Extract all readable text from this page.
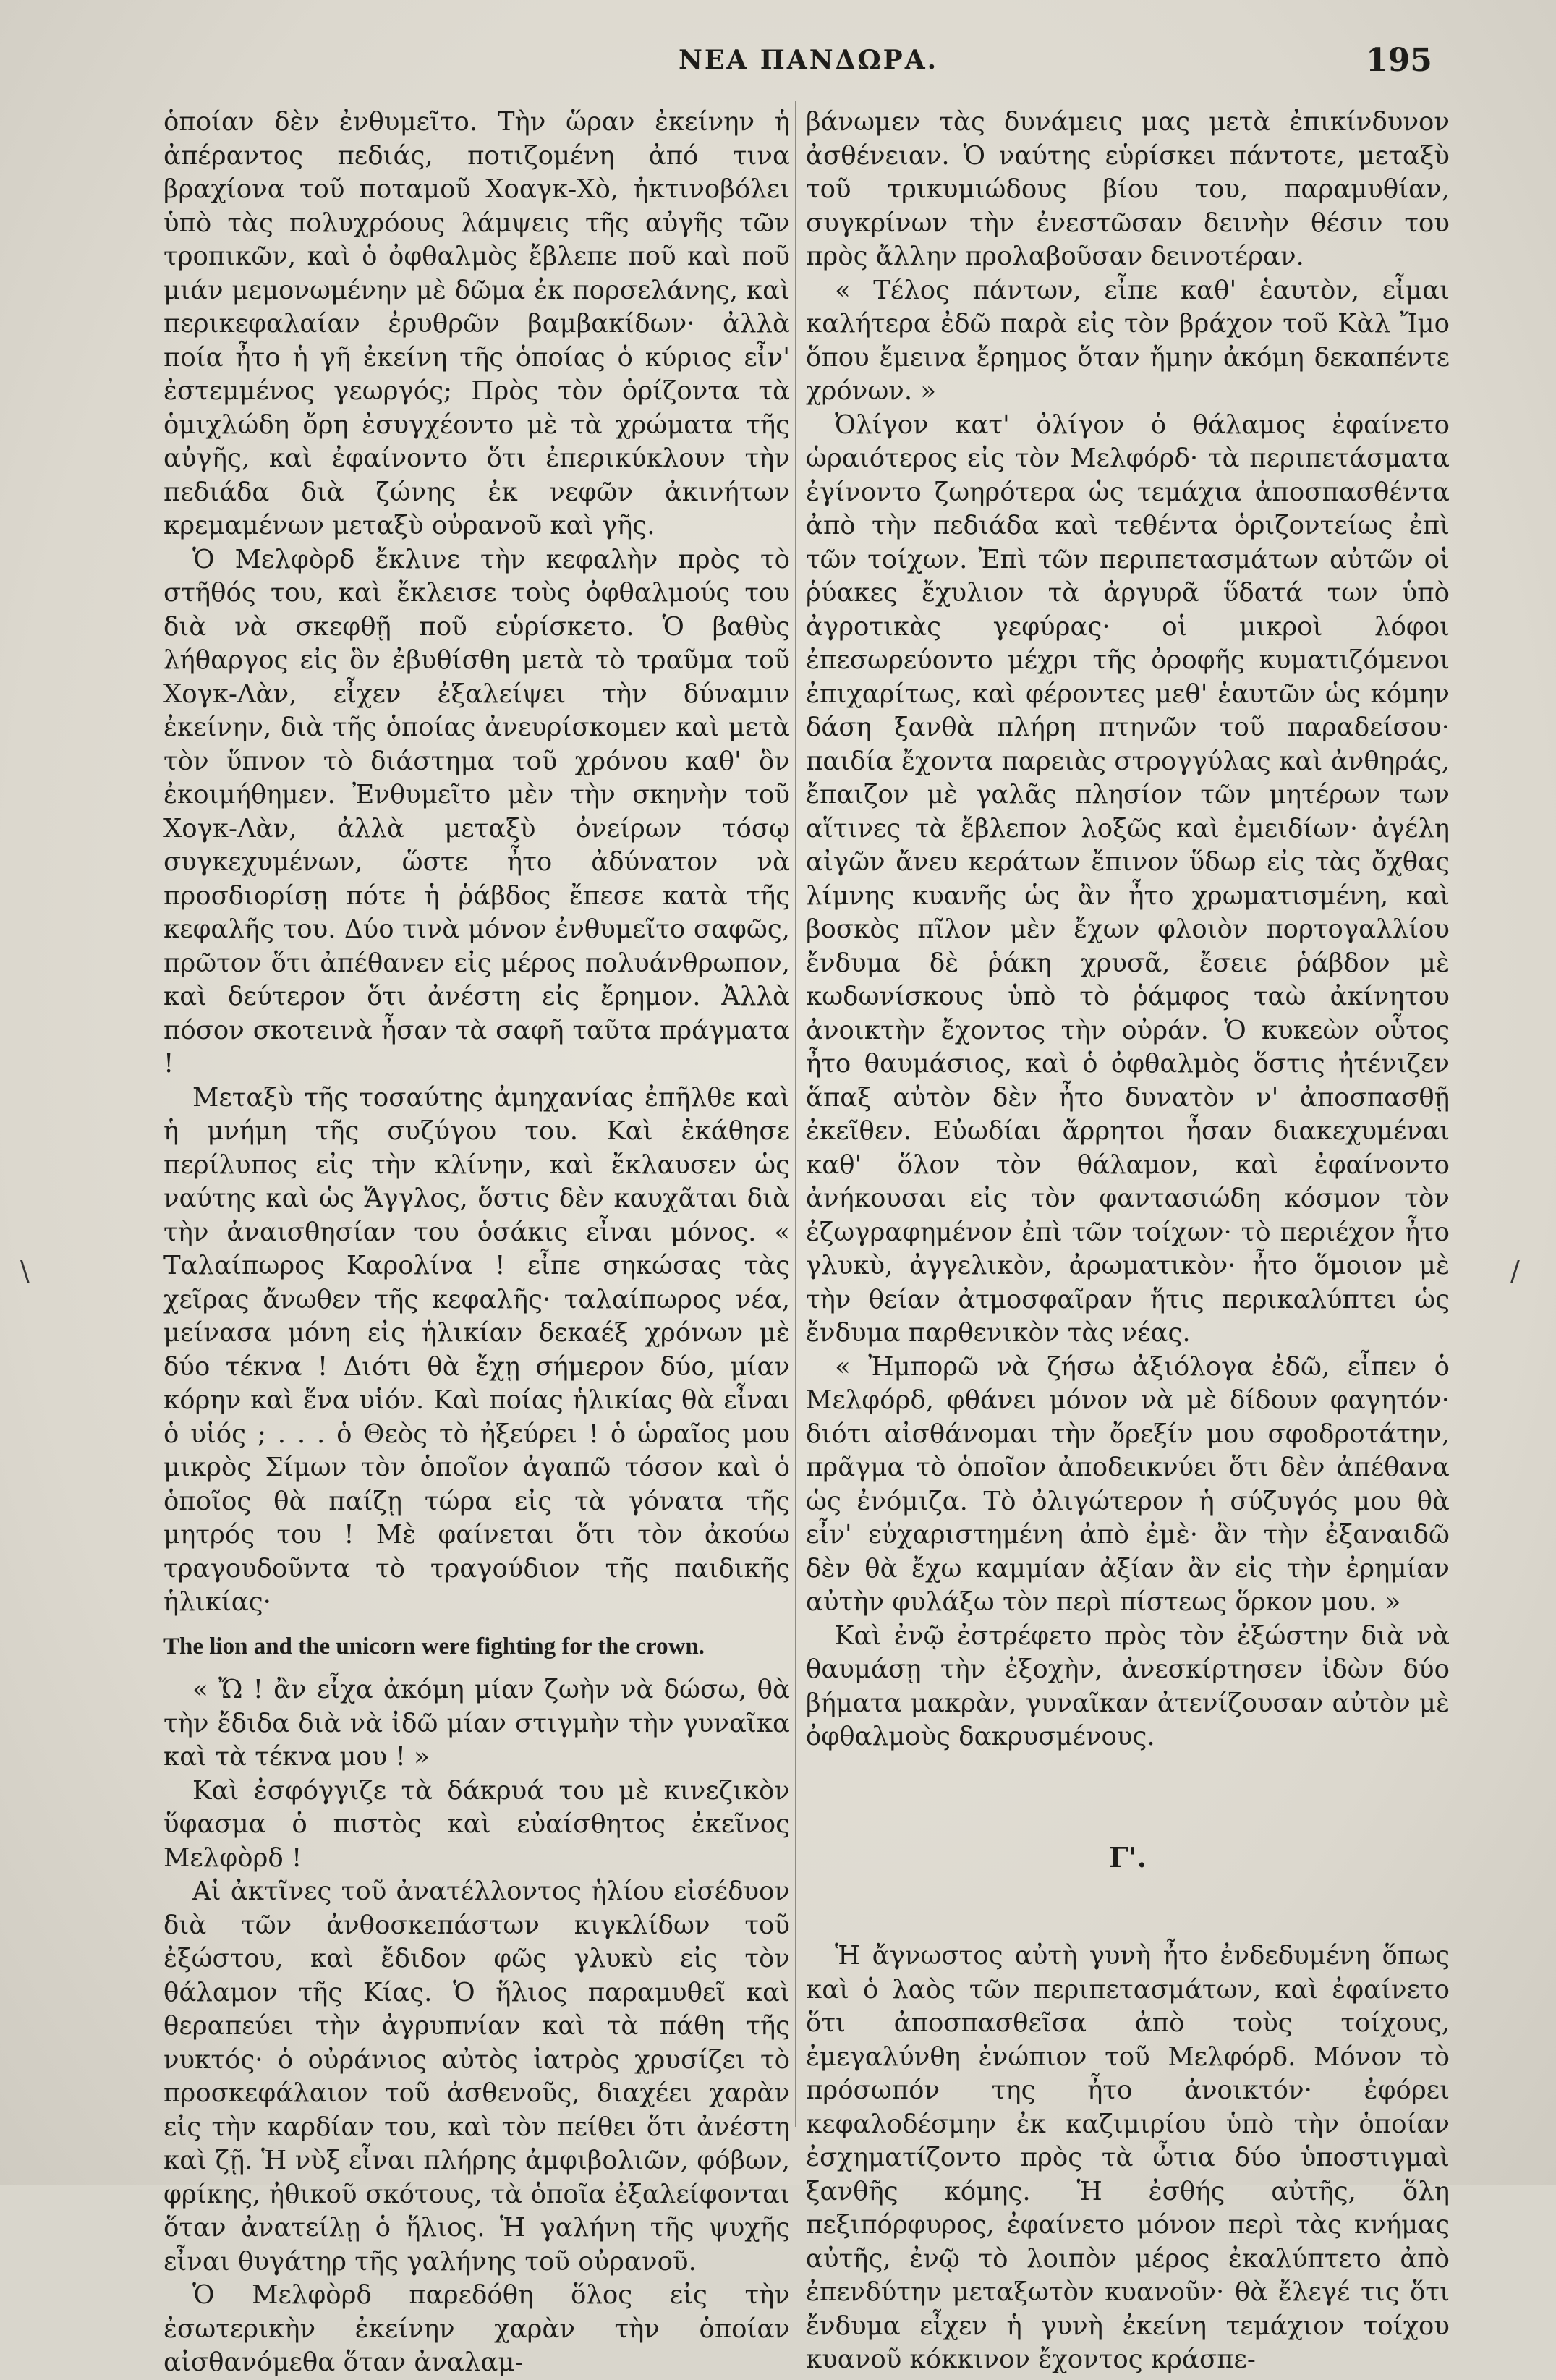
ΝΕΑ ΠΑΝΔΩΡΑ.	195

ὁποίαν δὲν ἐνθυμεῖτο. Τὴν ὥραν ἐκείνην ἡ ἀπέραντος πεδιάς, ποτιζομένη ἀπό τινα βραχίονα τοῦ ποταμοῦ Χοαγκ-Χὸ, ἠκτινοβόλει ὑπὸ τὰς πολυχρόους λάμψεις τῆς αὐγῆς τῶν τροπικῶν, καὶ ὁ ὀφθαλμὸς ἔβλεπε ποῦ καὶ ποῦ μιάν μεμονωμένην μὲ δῶμα ἐκ πορσελάνης, καὶ περικεφαλαίαν ἐρυθρῶν βαμβακίδων· ἀλλὰ ποία ἦτο ἡ γῆ ἐκείνη τῆς ὁποίας ὁ κύριος εἶν' ἐστεμμένος γεωργός; Πρὸς τὸν ὁρίζοντα τὰ ὁμιχλώδη ὄρη ἐσυγχέοντο μὲ τὰ χρώματα τῆς αὐγῆς, καὶ ἐφαίνοντο ὅτι ἐπερικύκλουν τὴν πεδιάδα διὰ ζώνης ἐκ νεφῶν ἀκινήτων κρεμαμένων μεταξὺ οὐρανοῦ καὶ γῆς.

Ὁ Μελφὸρδ ἔκλινε τὴν κεφαλὴν πρὸς τὸ στῆθός του, καὶ ἔκλεισε τοὺς ὀφθαλμούς του διὰ νὰ σκεφθῇ ποῦ εὑρίσκετο. Ὁ βαθὺς λήθαργος εἰς ὃν ἐβυθίσθη μετὰ τὸ τραῦμα τοῦ Χογκ-Λὰν, εἶχεν ἐξαλείψει τὴν δύναμιν ἐκείνην, διὰ τῆς ὁποίας ἀνευρίσκομεν καὶ μετὰ τὸν ὕπνον τὸ διάστημα τοῦ χρόνου καθ' ὃν ἐκοιμήθημεν. Ἐνθυμεῖτο μὲν τὴν σκηνὴν τοῦ Χογκ-Λὰν, ἀλλὰ μεταξὺ ὀνείρων τόσῳ συγκεχυμένων, ὥστε ἦτο ἀδύνατον νὰ προσδιορίσῃ πότε ἡ ῥάβδος ἔπεσε κατὰ τῆς κεφαλῆς του. Δύο τινὰ μόνον ἐνθυμεῖτο σαφῶς, πρῶτον ὅτι ἀπέθανεν εἰς μέρος πολυάνθρωπον, καὶ δεύτερον ὅτι ἀνέστη εἰς ἔρημον. Ἀλλὰ πόσον σκοτεινὰ ἦσαν τὰ σαφῆ ταῦτα πράγματα !

Μεταξὺ τῆς τοσαύτης ἀμηχανίας ἐπῆλθε καὶ ἡ μνήμη τῆς συζύγου του. Καὶ ἐκάθησε περίλυπος εἰς τὴν κλίνην, καὶ ἔκλαυσεν ὡς ναύτης καὶ ὡς Ἄγγλος, ὅστις δὲν καυχᾶται διὰ τὴν ἀναισθησίαν του ὁσάκις εἶναι μόνος. « Ταλαίπωρος Καρολίνα ! εἶπε σηκώσας τὰς χεῖρας ἄνωθεν τῆς κεφαλῆς· ταλαίπωρος νέα, μείνασα μόνη εἰς ἡλικίαν δεκαέξ χρόνων μὲ δύο τέκνα ! Διότι θὰ ἔχῃ σήμερον δύο, μίαν κόρην καὶ ἕνα υἱόν. Καὶ ποίας ἡλικίας θὰ εἶναι ὁ υἱός ; . . . ὁ Θεὸς τὸ ἠξεύρει ! ὁ ὡραῖος μου μικρὸς Σίμων τὸν ὁποῖον ἀγαπῶ τόσον καὶ ὁ ὁποῖος θὰ παίζῃ τώρα εἰς τὰ γόνατα τῆς μητρός του ! Μὲ φαίνεται ὅτι τὸν ἀκούω τραγουδοῦντα τὸ τραγούδιον τῆς παιδικῆς ἡλικίας·

The lion and the unicorn were fighting for the crown.

« Ὤ ! ἂν εἶχα ἀκόμη μίαν ζωὴν νὰ δώσω, θὰ τὴν ἔδιδα διὰ νὰ ἰδῶ μίαν στιγμὴν τὴν γυναῖκα καὶ τὰ τέκνα μου ! »

Καὶ ἐσφόγγιζε τὰ δάκρυά του μὲ κινεζικὸν ὕφασμα ὁ πιστὸς καὶ εὐαίσθητος ἐκεῖνος Μελφὸρδ !

Αἱ ἀκτῖνες τοῦ ἀνατέλλοντος ἡλίου εἰσέδυον διὰ τῶν ἀνθοσκεπάστων κιγκλίδων τοῦ ἐξώστου, καὶ ἔδιδον φῶς γλυκὺ εἰς τὸν θάλαμον τῆς Κίας. Ὁ ἥλιος παραμυθεῖ καὶ θεραπεύει τὴν ἀγρυπνίαν καὶ τὰ πάθη τῆς νυκτός· ὁ οὐράνιος αὐτὸς ἰατρὸς χρυσίζει τὸ προσκεφάλαιον τοῦ ἀσθενοῦς, διαχέει χαρὰν εἰς τὴν καρδίαν του, καὶ τὸν πείθει ὅτι ἀνέστη καὶ ζῇ. Ἡ νὺξ εἶναι πλήρης ἀμφιβολιῶν, φόβων, φρίκης, ἠθικοῦ σκότους, τὰ ὁποῖα ἐξαλείφονται ὅταν ἀνατείλῃ ὁ ἥλιος. Ἡ γαλήνη τῆς ψυχῆς εἶναι θυγάτηρ τῆς γαλήνης τοῦ οὐρανοῦ.

Ὁ Μελφὸρδ παρεδόθη ὅλος εἰς τὴν ἐσωτερικὴν ἐκείνην χαρὰν τὴν ὁποίαν αἰσθανόμεθα ὅταν ἀναλαμ-

βάνωμεν τὰς δυνάμεις μας μετὰ ἐπικίνδυνον ἀσθένειαν. Ὁ ναύτης εὑρίσκει πάντοτε, μεταξὺ τοῦ τρικυμιώδους βίου του, παραμυθίαν, συγκρίνων τὴν ἐνεστῶσαν δεινὴν θέσιν του πρὸς ἄλλην προλαβοῦσαν δεινοτέραν.

« Τέλος πάντων, εἶπε καθ' ἑαυτὸν, εἶμαι καλήτερα ἐδῶ παρὰ εἰς τὸν βράχον τοῦ Κὰλ Ἴμο ὅπου ἔμεινα ἔρημος ὅταν ἤμην ἀκόμη δεκαπέντε χρόνων. »

Ὀλίγον κατ' ὀλίγον ὁ θάλαμος ἐφαίνετο ὡραιότερος εἰς τὸν Μελφόρδ· τὰ περιπετάσματα ἐγίνοντο ζωηρότερα ὡς τεμάχια ἀποσπασθέντα ἀπὸ τὴν πεδιάδα καὶ τεθέντα ὁριζοντείως ἐπὶ τῶν τοίχων. Ἐπὶ τῶν περιπετασμάτων αὐτῶν οἱ ῥύακες ἔχυλιον τὰ ἀργυρᾶ ὕδατά των ὑπὸ ἀγροτικὰς γεφύρας· οἱ μικροὶ λόφοι ἐπεσωρεύοντο μέχρι τῆς ὀροφῆς κυματιζόμενοι ἐπιχαρίτως, καὶ φέροντες μεθ' ἑαυτῶν ὡς κόμην δάση ξανθὰ πλήρη πτηνῶν τοῦ παραδείσου· παιδία ἔχοντα παρειὰς στρογγύλας καὶ ἀνθηράς, ἔπαιζον μὲ γαλᾶς πλησίον τῶν μητέρων των αἵτινες τὰ ἔβλεπον λοξῶς καὶ ἐμειδίων· ἀγέλη αἰγῶν ἄνευ κεράτων ἔπινον ὕδωρ εἰς τὰς ὄχθας λίμνης κυανῆς ὡς ἂν ἦτο χρωματισμένη, καὶ βοσκὸς πῖλον μὲν ἔχων φλοιὸν πορτογαλλίου ἔνδυμα δὲ ῥάκη χρυσᾶ, ἔσειε ῥάβδον μὲ κωδωνίσκους ὑπὸ τὸ ῥάμφος ταὼ ἀκίνητου ἀνοικτὴν ἔχοντος τὴν οὐράν. Ὁ κυκεὼν οὗτος ἦτο θαυμάσιος, καὶ ὁ ὀφθαλμὸς ὅστις ἠτένιζεν ἅπαξ αὐτὸν δὲν ἦτο δυνατὸν ν' ἀποσπασθῇ ἐκεῖθεν. Εὐωδίαι ἄρρητοι ἦσαν διακεχυμέναι καθ' ὅλον τὸν θάλαμον, καὶ ἐφαίνοντο ἀνήκουσαι εἰς τὸν φαντασιώδη κόσμον τὸν ἐζωγραφημένον ἐπὶ τῶν τοίχων· τὸ περιέχον ἦτο γλυκὺ, ἀγγελικὸν, ἀρωματικὸν· ἦτο ὅμοιον μὲ τὴν θείαν ἀτμοσφαῖραν ἥτις περικαλύπτει ὡς ἔνδυμα παρθενικὸν τὰς νέας.

« Ἠμπορῶ νὰ ζήσω ἀξιόλογα ἐδῶ, εἶπεν ὁ Μελφόρδ, φθάνει μόνον νὰ μὲ δίδουν φαγητόν· διότι αἰσθάνομαι τὴν ὄρεξίν μου σφοδροτάτην, πρᾶγμα τὸ ὁποῖον ἀποδεικνύει ὅτι δὲν ἀπέθανα ὡς ἐνόμιζα. Τὸ ὀλιγώτερον ἡ σύζυγός μου θὰ εἶν' εὐχαριστημένη ἀπὸ ἐμὲ· ἂν τὴν ἐξαναιδῶ δὲν θὰ ἔχω καμμίαν ἀξίαν ἂν εἰς τὴν ἐρημίαν αὐτὴν φυλάξω τὸν περὶ πίστεως ὅρκον μου. »

Καὶ ἐνῷ ἐστρέφετο πρὸς τὸν ἐξώστην διὰ νὰ θαυμάσῃ τὴν ἐξοχὴν, ἀνεσκίρτησεν ἰδὼν δύο βήματα μακρὰν, γυναῖκαν ἀτενίζουσαν αὐτὸν μὲ ὀφθαλμοὺς δακρυσμένους.

Γ'.

Ἡ ἄγνωστος αὐτὴ γυνὴ ἦτο ἐνδεδυμένη ὅπως καὶ ὁ λαὸς τῶν περιπετασμάτων, καὶ ἐφαίνετο ὅτι ἀποσπασθεῖσα ἀπὸ τοὺς τοίχους, ἐμεγαλύνθη ἐνώπιον τοῦ Μελφόρδ. Μόνον τὸ πρόσωπόν της ἦτο ἀνοικτόν· ἐφόρει κεφαλοδέσμην ἐκ καζιμιρίου ὑπὸ τὴν ὁποίαν ἐσχηματίζοντο πρὸς τὰ ὦτια δύο ὑποστιγμαὶ ξανθῆς κόμης. Ἡ ἐσθής αὐτῆς, ὅλη πεξιπόρφυρος, ἐφαίνετο μόνον περὶ τὰς κνήμας αὐτῆς, ἐνῷ τὸ λοιπὸν μέρος ἐκαλύπτετο ἀπὸ ἐπενδύτην μεταξωτὸν κυανοῦν· θὰ ἔλεγέ τις ὅτι ἔνδυμα εἶχεν ἡ γυνὴ ἐκείνη τεμάχιον τοίχου κυανοῦ κόκκινον ἔχοντος κράσπε-

\	/
